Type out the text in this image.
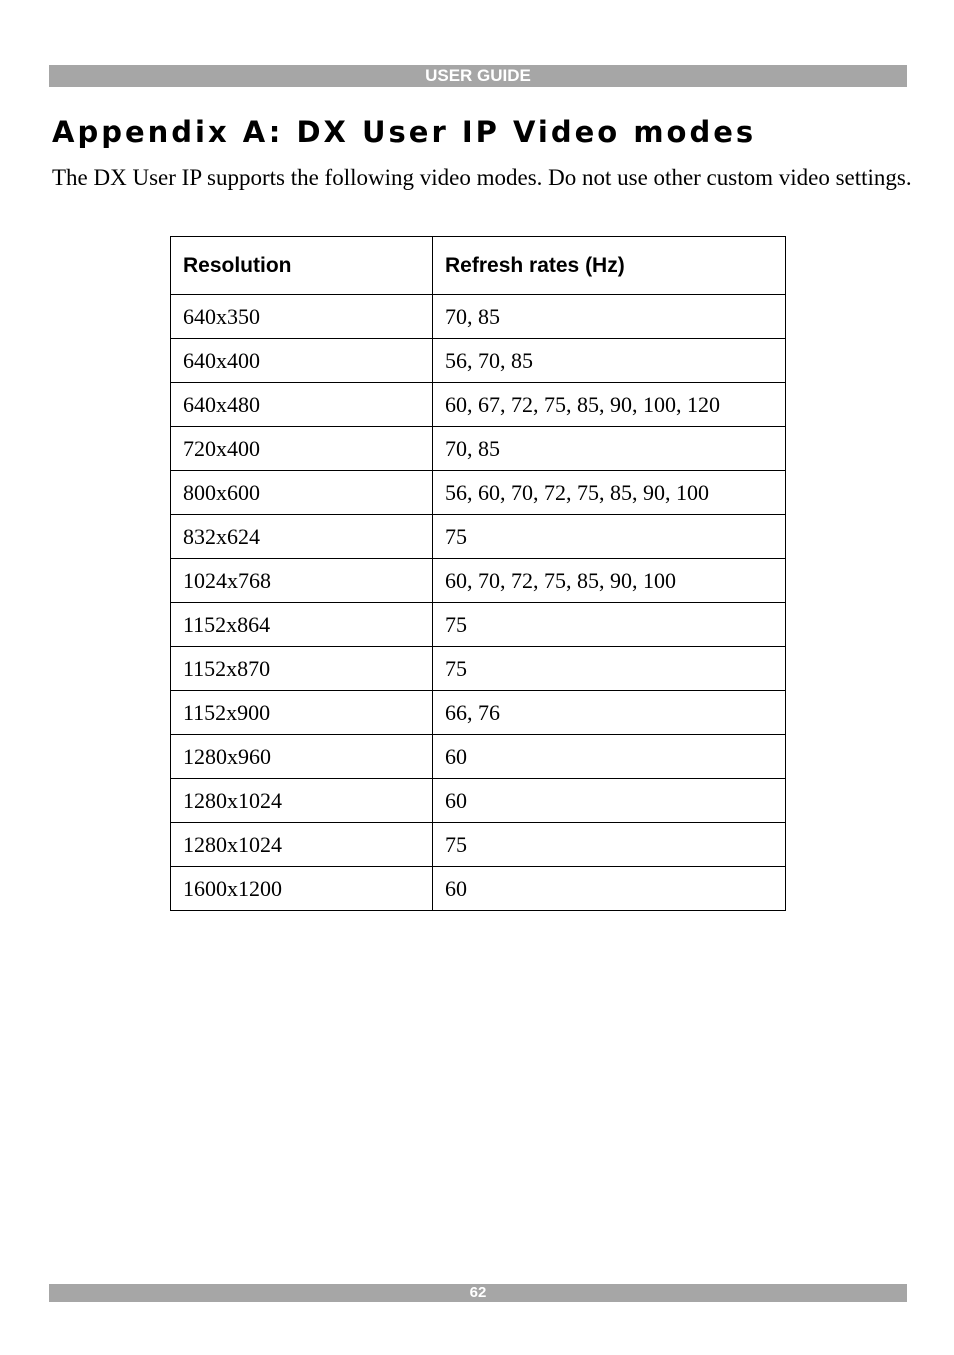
USER GUIDE
Appendix A: DX User IP Video modes

The DX User IP supports the following video modes. Do not use other custom video settings.

Resolution	Refresh rates (Hz)
640x350	70, 85
640x400	56, 70, 85
640x480	60, 67, 72, 75, 85, 90, 100, 120
720x400	70, 85
800x600	56, 60, 70, 72, 75, 85, 90, 100
832x624	75
1024x768	60, 70, 72, 75, 85, 90, 100
1152x864	75
1152x870	75
1152x900	66, 76
1280x960	60
1280x1024	60
1280x1024	75
1600x1200	60
62
